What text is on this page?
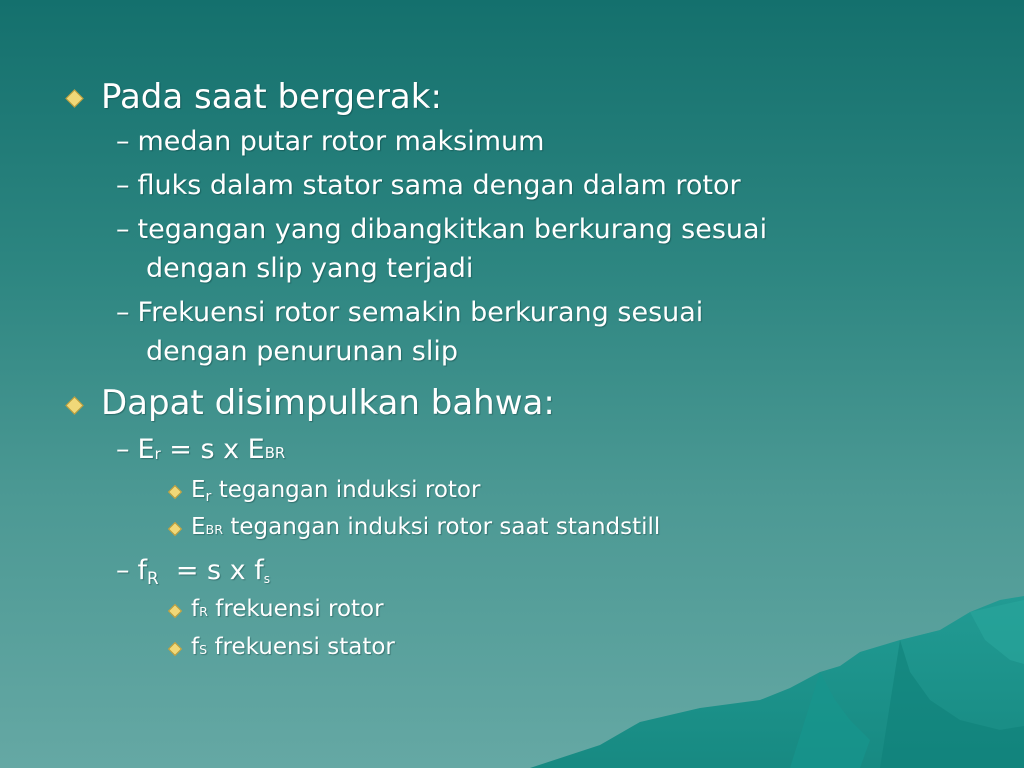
Pada saat bergerak:
– medan putar rotor maksimum
– fluks dalam stator sama dengan dalam rotor
– tegangan yang dibangkitkan berkurang sesuai
dengan slip yang terjadi
– Frekuensi rotor semakin berkurang sesuai
dengan penurunan slip
Dapat disimpulkan bahwa:
– Er = s x EBR
Er tegangan induksi rotor
EBR tegangan induksi rotor saat standstill
– fR  = s x fs
fR frekuensi rotor
fS frekuensi stator
